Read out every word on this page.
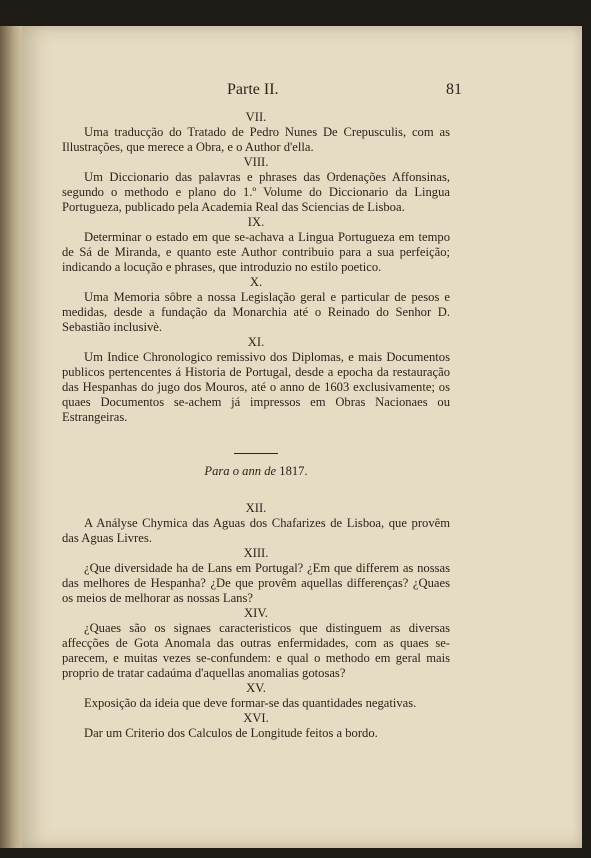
Parte II.	81
VII.

Uma traducção do Tratado de Pedro Nunes De Crepusculis, com as Illustrações, que merece a Obra, e o Author d'ella.

VIII.

Um Diccionario das palavras e phrases das Ordenações Affonsinas, segundo o methodo e plano do 1.º Volume do Diccionario da Lingua Portugueza, publicado pela Academia Real das Sciencias de Lisboa.

IX.

Determinar o estado em que se-achava a Lingua Portugueza em tempo de Sá de Miranda, e quanto este Author contribuio para a sua perfeição; indicando a locução e phrases, que introduzio no estilo poetico.

X.

Uma Memoria sôbre a nossa Legislação geral e particular de pesos e medidas, desde a fundação da Monarchia até o Reinado do Senhor D. Sebastião inclusivè.

XI.

Um Indice Chronologico remissivo dos Diplomas, e mais Documentos publicos pertencentes á Historia de Portugal, desde a epocha da restauração das Hespanhas do jugo dos Mouros, até o anno de 1603 exclusivamente; os quaes Documentos se-achem já impressos em Obras Nacionaes ou Estrangeiras.

Para o ann de 1817.
XII.

A Anályse Chymica das Aguas dos Chafarizes de Lisboa, que provêm das Aguas Livres.

XIII.

¿Que diversidade ha de Lans em Portugal? ¿Em que differem as nossas das melhores de Hespanha? ¿De que provêm aquellas differenças? ¿Quaes os meios de melhorar as nossas Lans?

XIV.

¿Quaes são os signaes caracteristicos que distinguem as diversas affecções de Gota Anomala das outras enfermidades, com as quaes se-parecem, e muitas vezes se-confundem: e qual o methodo em geral mais proprio de tratar cadaúma d'aquellas anomalias gotosas?

XV.

Exposição da ideia que deve formar-se das quantidades negativas.

XVI.

Dar um Criterio dos Calculos de Longitude feitos a bordo.
